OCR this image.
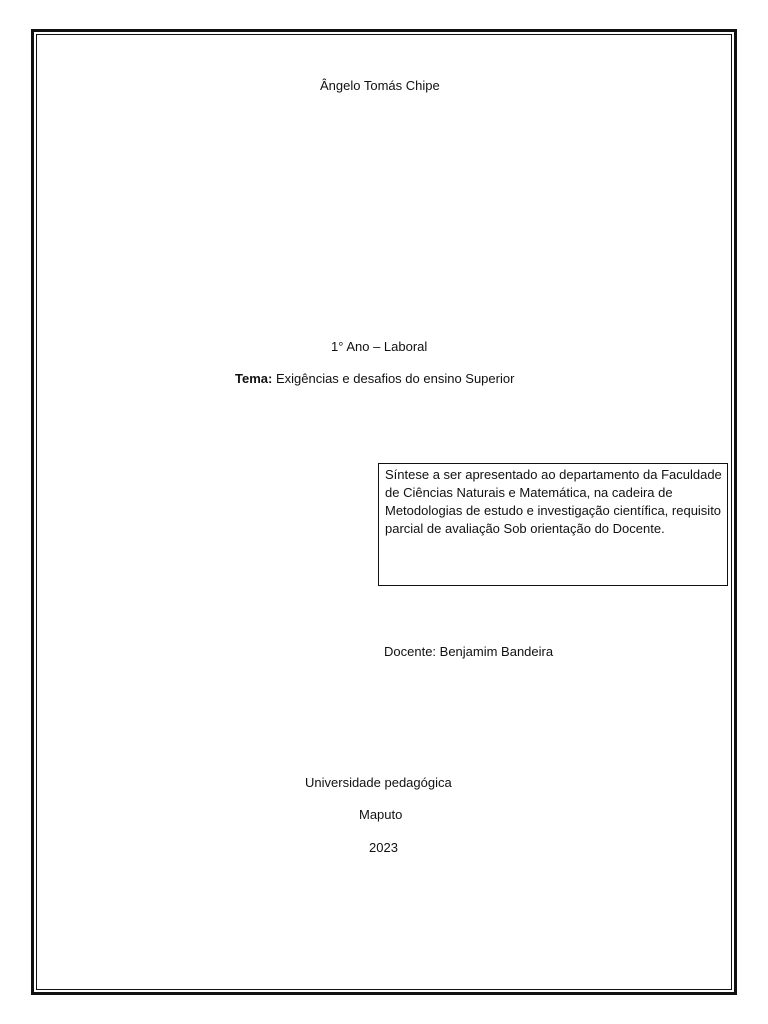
Ângelo Tomás Chipe
1° Ano – Laboral
Tema: Exigências e desafios do ensino Superior
Síntese a ser apresentado ao departamento da Faculdade de Ciências Naturais e Matemática, na cadeira de Metodologias de estudo e investigação científica, requisito parcial de avaliação Sob orientação do Docente.
Docente: Benjamim Bandeira
Universidade pedagógica
Maputo
2023
